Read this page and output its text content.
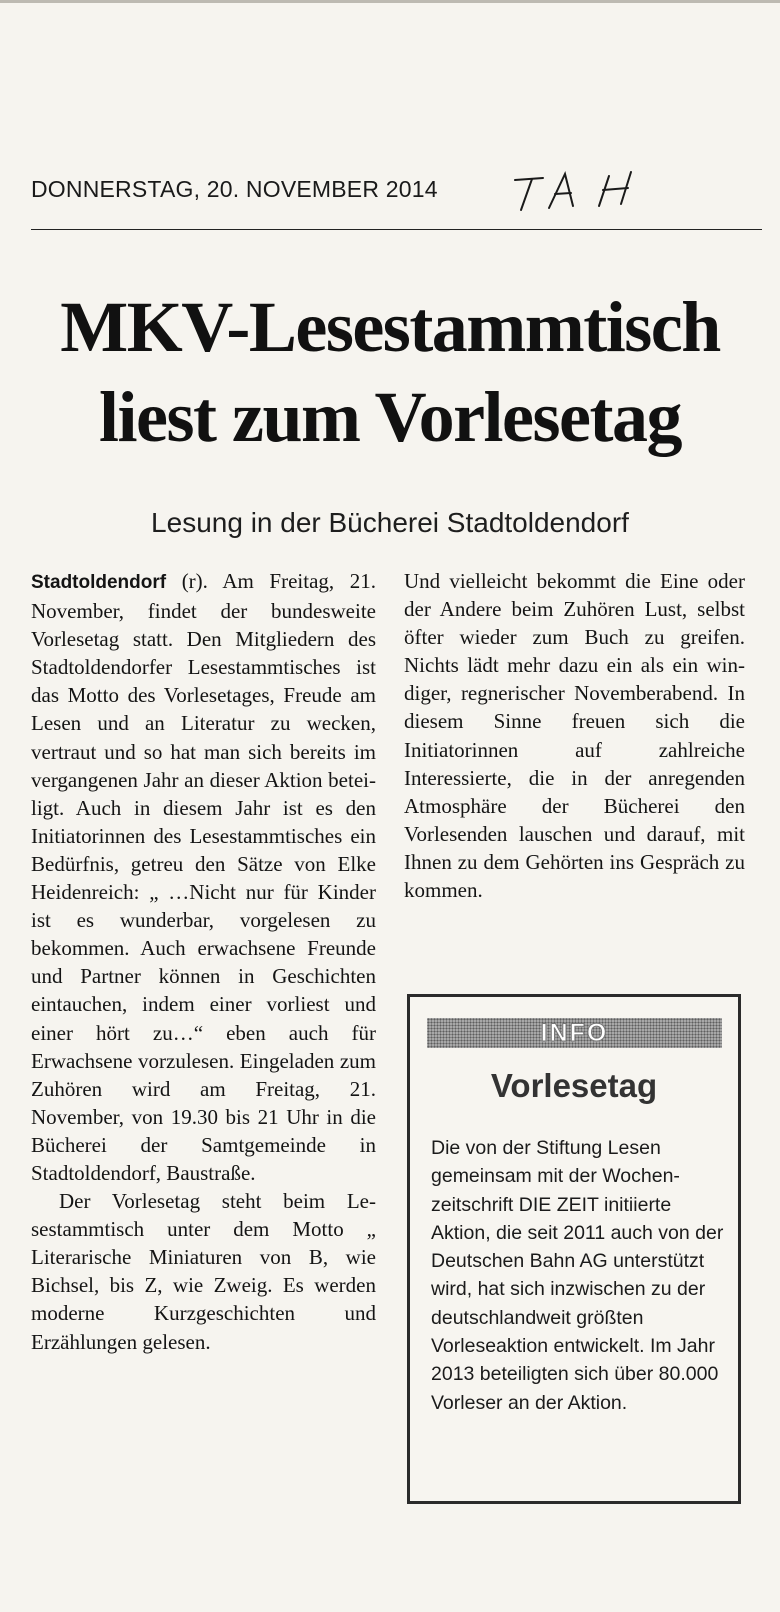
DONNERSTAG, 20. NOVEMBER 2014
MKV-Lesestammtisch
liest zum Vorlesetag
Lesung in der Bücherei Stadtoldendorf

Stadtoldendorf (r). Am Freitag, 21. November, findet der bundesweite Vorlesetag statt. Den Mitgliedern des Stadtoldendorfer Lesestammtisches ist das Motto des Vorlesetages, Freude am Lesen und an Literatur zu wecken, vertraut und so hat man sich bereits im vergangenen Jahr an dieser Aktion beteiligt. Auch in diesem Jahr ist es den Initiatorinnen des Lesestammtisches ein Bedürfnis, getreu den Sätze von Elke Heidenreich: „ …Nicht nur für Kinder ist es wunderbar, vorgelesen zu bekommen. Auch erwachsene Freunde und Partner können in Geschichten eintauchen, indem einer vorliest und einer hört zu…“ eben auch für Erwachsene vorzulesen. Eingeladen zum Zuhören wird am Freitag, 21. November, von 19.30 bis 21 Uhr in die Bücherei der Samtgemeinde in Stadtoldendorf, Baustraße.

Der Vorlesetag steht beim Lesestammtisch unter dem Motto „ Literarische Miniaturen von B, wie Bichsel, bis Z, wie Zweig. Es werden moderne Kurzgeschichten und Erzählungen gelesen.

Und vielleicht bekommt die Eine oder der Andere beim Zuhören Lust, selbst öfter wieder zum Buch zu greifen. Nichts lädt mehr dazu ein als ein windiger, regnerischer Novemberabend. In diesem Sinne freuen sich die Initiatorinnen auf zahlreiche Interessierte, die in der anregenden Atmosphäre der Bücherei den Vorlesenden lauschen und darauf, mit Ihnen zu dem Gehörten ins Gespräch zu kommen.

INFO
Vorlesetag
Die von der Stiftung Lesen gemeinsam mit der Wochenzeitschrift DIE ZEIT initiierte Aktion, die seit 2011 auch von der Deutschen Bahn AG unterstützt wird, hat sich inzwischen zu der deutschlandweit größten Vorleseaktion entwickelt. Im Jahr 2013 beteiligten sich über 80.000 Vorleser an der Aktion.
